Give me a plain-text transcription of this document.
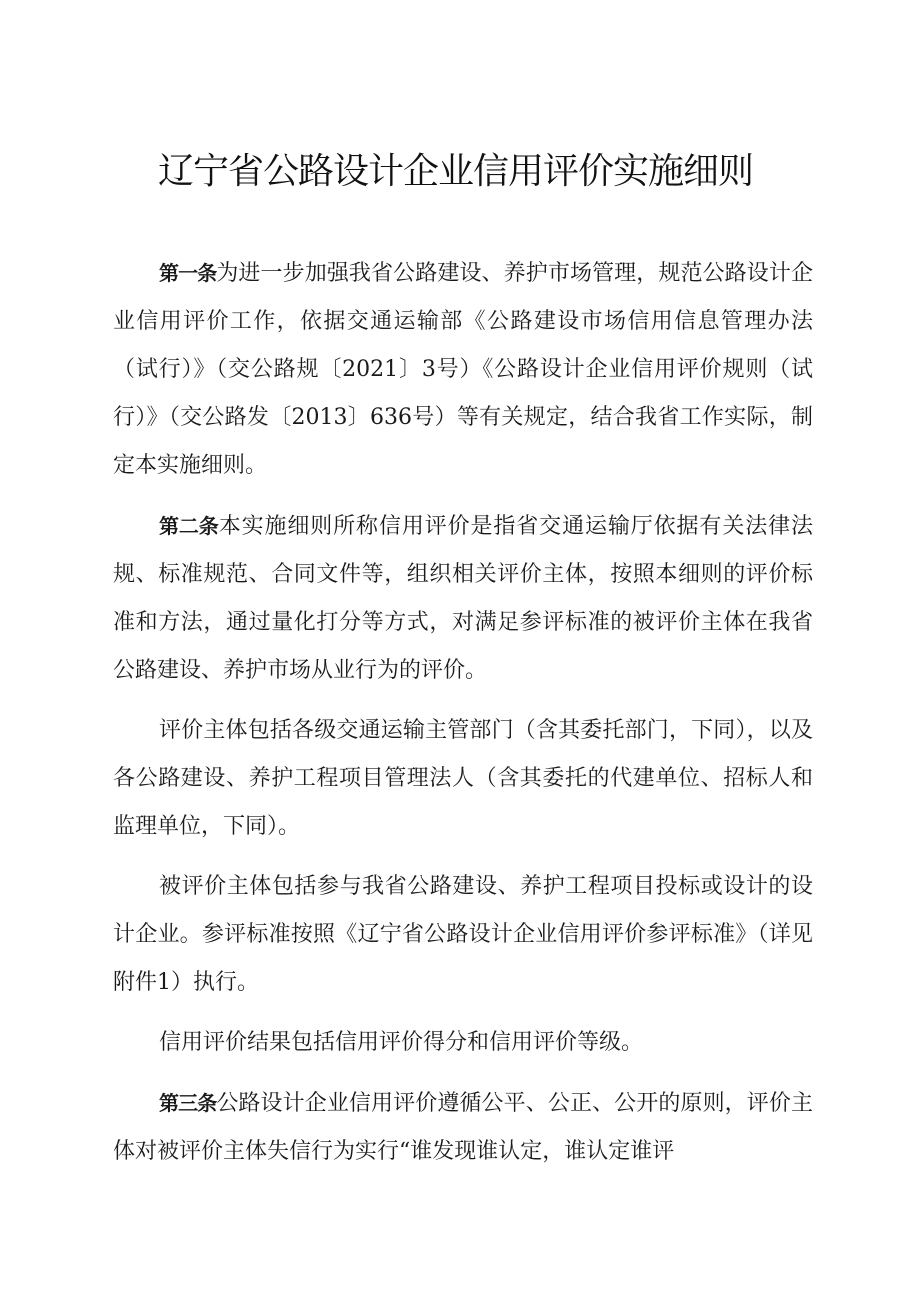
辽宁省公路设计企业信用评价实施细则

第一条为进一步加强我省公路建设、养护市场管理，规范公路设计企业信用评价工作，依据交通运输部《公路建设市场信用信息管理办法（试行）》（交公路规〔2021〕3号）《公路设计企业信用评价规则（试行）》（交公路发〔2013〕636号）等有关规定，结合我省工作实际，制定本实施细则。

第二条本实施细则所称信用评价是指省交通运输厅依据有关法律法规、标准规范、合同文件等，组织相关评价主体，按照本细则的评价标准和方法，通过量化打分等方式，对满足参评标准的被评价主体在我省公路建设、养护市场从业行为的评价。

评价主体包括各级交通运输主管部门（含其委托部门，下同），以及各公路建设、养护工程项目管理法人（含其委托的代建单位、招标人和监理单位，下同）。

被评价主体包括参与我省公路建设、养护工程项目投标或设计的设计企业。参评标准按照《辽宁省公路设计企业信用评价参评标准》（详见附件1）执行。

信用评价结果包括信用评价得分和信用评价等级。

第三条公路设计企业信用评价遵循公平、公正、公开的原则，评价主体对被评价主体失信行为实行“谁发现谁认定，谁认定谁评
